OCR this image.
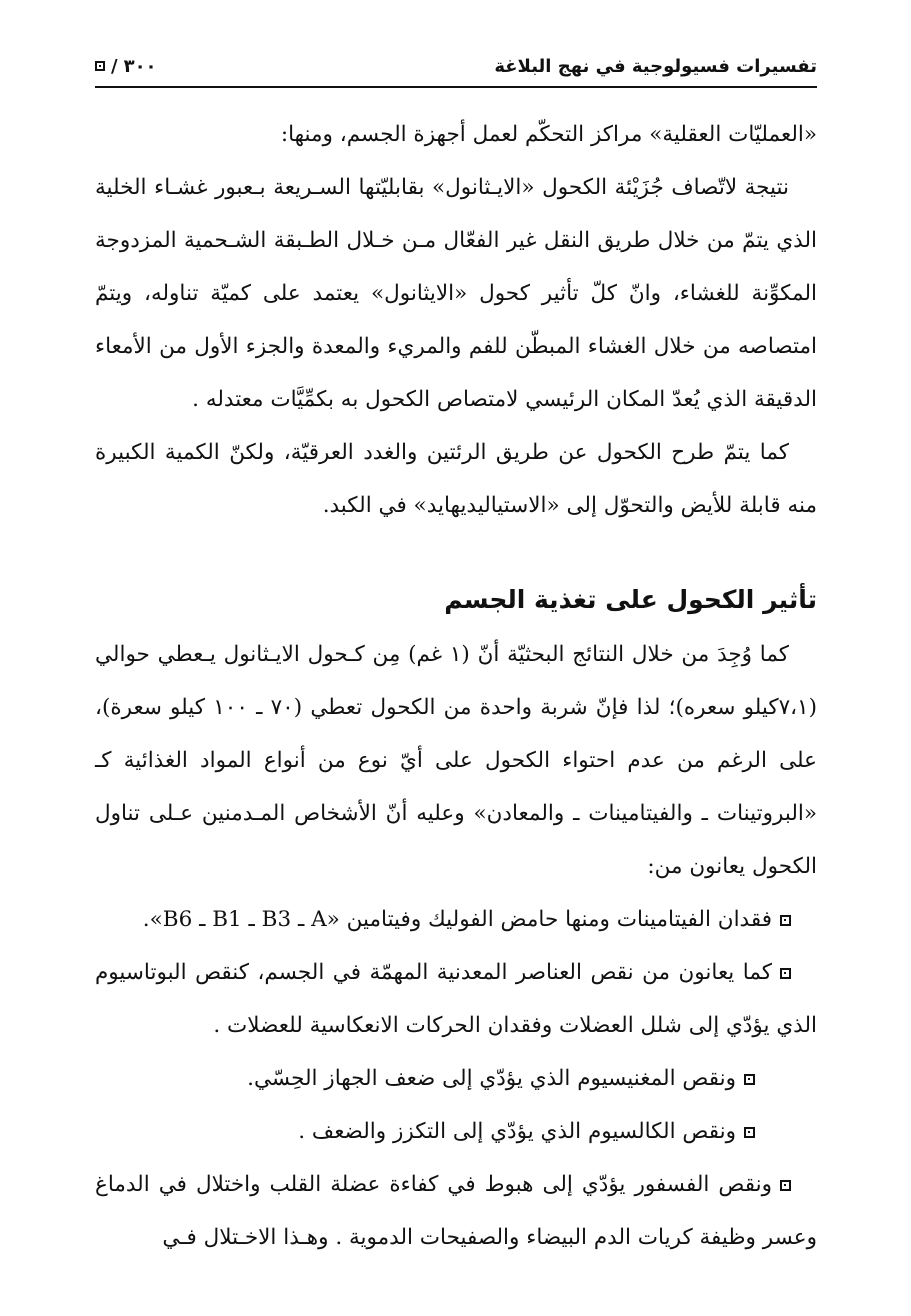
تفسيرات فسيولوجية في نهج البلاغة
٣٠٠
/

«العمليّات العقلية» مراكز التحكّم لعمل أجهزة الجسم، ومنها:

نتيجة لاتّصاف جُزَيْئة الكحول «الايـثانول» بقابليّتها السـريعة بـعبور غشـاء الخلية الذي يتمّ من خلال طريق النقل غير الفعّال مـن خـلال الطـبقة الشـحمية المزدوجة المكوِّنة للغشاء، وانّ كلّ تأثير كحول «الايثانول» يعتمد على كميّة تناوله، ويتمّ امتصاصه من خلال الغشاء المبطّن للفم والمريء والمعدة والجزء الأول من الأمعاء الدقيقة الذي يُعدّ المكان الرئيسي لامتصاص الكحول به بكمِّيَّات معتدله .

كما يتمّ طرح الكحول عن طريق الرئتين والغدد العرقيّة، ولكنّ الكمية الكبيرة منه قابلة للأيض والتحوّل إلى «الاستياليديهايد» في الكبد.

تأثير الكحول على تغذية الجسم

كما وُجِدَ من خلال النتائج البحثيّة أنّ (١ غم) مِن كـحول الايـثانول يـعطي حوالي (٧،١كيلو سعره)؛ لذا فإنّ شربة واحدة من الكحول تعطي (٧٠ ـ ١٠٠ كيلو سعرة)، على الرغم من عدم احتواء الكحول على أيّ نوع من أنواع المواد الغذائية كـ «البروتينات ـ والفيتامينات ـ والمعادن» وعليه أنّ الأشخاص المـدمنين عـلى تناول الكحول يعانون من:

فقدان الفيتامينات ومنها حامض الفوليك وفيتامين «A ـ B3 ـ B1 ـ B6».

كما يعانون من نقص العناصر المعدنية المهمّة في الجسم، كنقص البوتاسيوم الذي يؤدّي إلى شلل العضلات وفقدان الحركات الانعكاسية للعضلات .

ونقص المغنيسيوم الذي يؤدّي إلى ضعف الجهاز الحِسّي.

ونقص الكالسيوم الذي يؤدّي إلى التكزز والضعف .

ونقص الفسفور يؤدّي إلى هبوط في كفاءة عضلة القلب واختلال في الدماغ وعسر وظيفة كريات الدم البيضاء والصفيحات الدموية . وهـذا الاخـتلال فـي
